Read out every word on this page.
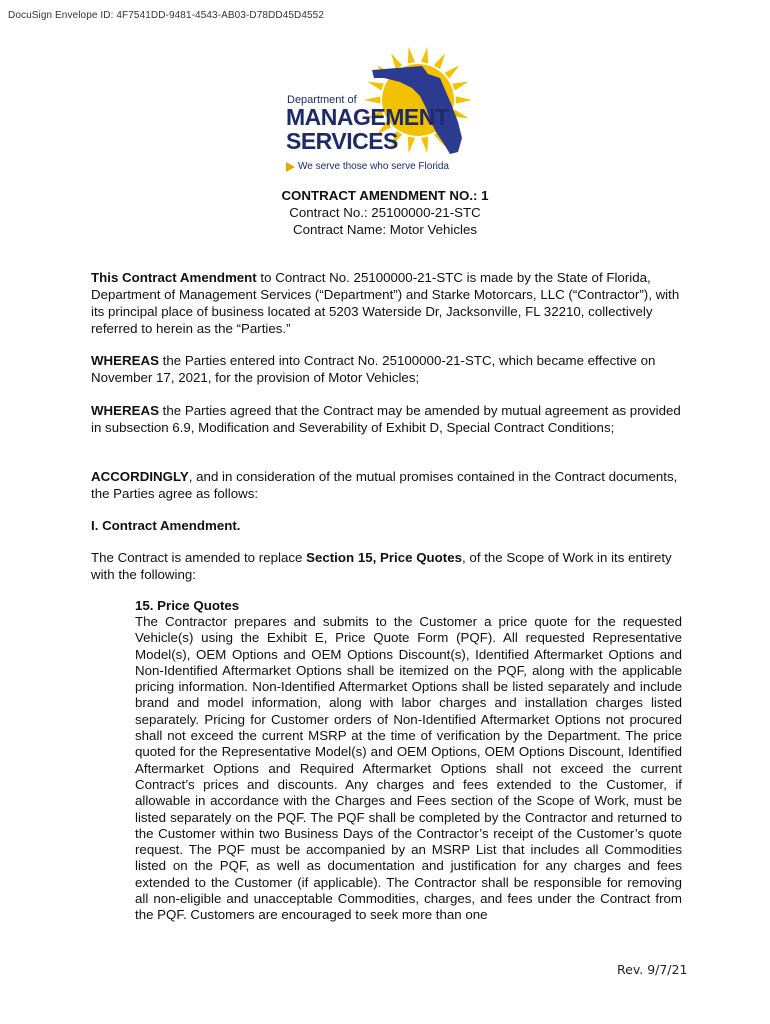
DocuSign Envelope ID: 4F7541DD-9481-4543-AB03-D78DD45D4552
Department of
MANAGEMENT
SERVICES
We serve those who serve Florida
CONTRACT AMENDMENT NO.: 1
Contract No.: 25100000-21-STC
Contract Name: Motor Vehicles
This Contract Amendment to Contract No. 25100000-21-STC is made by the State of Florida, Department of Management Services (“Department”) and Starke Motorcars, LLC (“Contractor”), with its principal place of business located at 5203 Waterside Dr, Jacksonville, FL 32210, collectively referred to herein as the “Parties.”
WHEREAS the Parties entered into Contract No. 25100000-21-STC, which became effective on November 17, 2021, for the provision of Motor Vehicles;
WHEREAS the Parties agreed that the Contract may be amended by mutual agreement as provided in subsection 6.9, Modification and Severability of Exhibit D, Special Contract Conditions;
ACCORDINGLY, and in consideration of the mutual promises contained in the Contract documents, the Parties agree as follows:
I. Contract Amendment.
The Contract is amended to replace Section 15, Price Quotes, of the Scope of Work in its entirety with the following:
15. Price Quotes
The Contractor prepares and submits to the Customer a price quote for the requested Vehicle(s) using the Exhibit E, Price Quote Form (PQF). All requested Representative Model(s), OEM Options and OEM Options Discount(s), Identified Aftermarket Options and Non-Identified Aftermarket Options shall be itemized on the PQF, along with the applicable pricing information. Non-Identified Aftermarket Options shall be listed separately and include brand and model information, along with labor charges and installation charges listed separately. Pricing for Customer orders of Non-Identified Aftermarket Options not procured shall not exceed the current MSRP at the time of verification by the Department. The price quoted for the Representative Model(s) and OEM Options, OEM Options Discount, Identified Aftermarket Options and Required Aftermarket Options shall not exceed the current Contract’s prices and discounts. Any charges and fees extended to the Customer, if allowable in accordance with the Charges and Fees section of the Scope of Work, must be listed separately on the PQF. The PQF shall be completed by the Contractor and returned to the Customer within two Business Days of the Contractor’s receipt of the Customer’s quote request. The PQF must be accompanied by an MSRP List that includes all Commodities listed on the PQF, as well as documentation and justification for any charges and fees extended to the Customer (if applicable). The Contractor shall be responsible for removing all non-eligible and unacceptable Commodities, charges, and fees under the Contract from the PQF. Customers are encouraged to seek more than one
Rev. 9/7/21
